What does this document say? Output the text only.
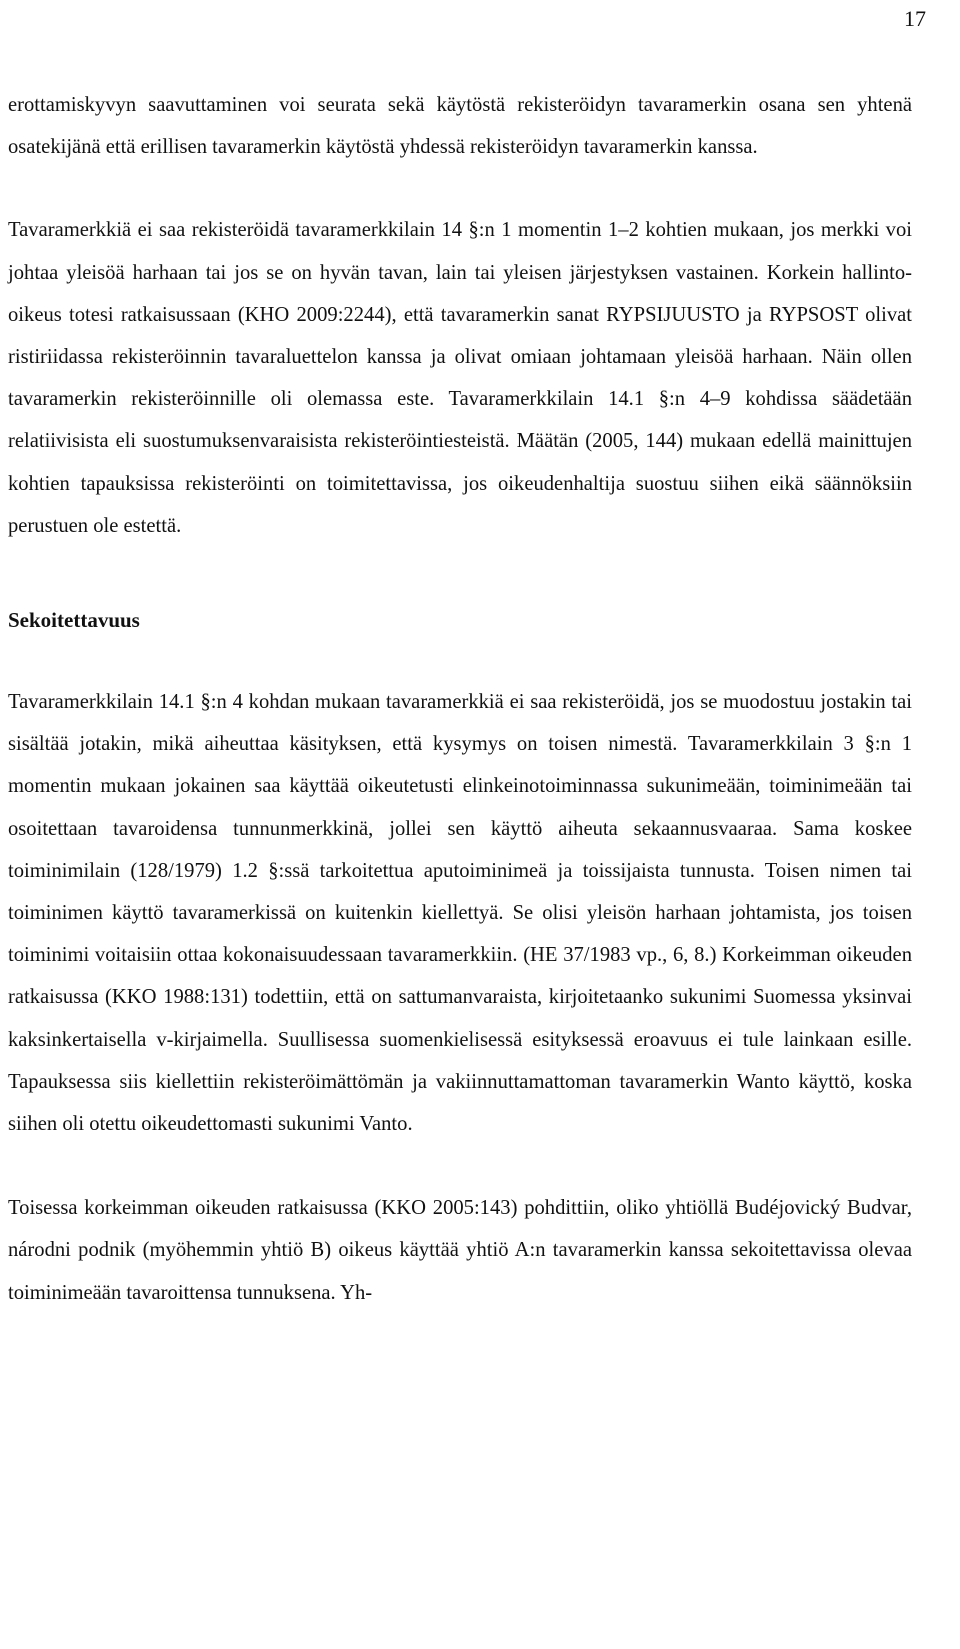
17

erottamiskyvyn saavuttaminen voi seurata sekä käytöstä rekisteröidyn tavaramerkin osana sen yhtenä osatekijänä että erillisen tavaramerkin käytöstä yhdessä rekisteröidyn tavaramerkin kanssa.

Tavaramerkkiä ei saa rekisteröidä tavaramerkkilain 14 §:n 1 momentin 1–2 kohtien mukaan, jos merkki voi johtaa yleisöä harhaan tai jos se on hyvän tavan, lain tai yleisen järjestyksen vastainen. Korkein hallinto-oikeus totesi ratkaisussaan (KHO 2009:2244), että tavaramerkin sanat RYPSIJUUSTO ja RYPSOST olivat ristiriidassa rekisteröinnin tavaraluettelon kanssa ja olivat omiaan johtamaan yleisöä harhaan. Näin ollen tavaramerkin rekisteröinnille oli olemassa este. Tavaramerkkilain 14.1 §:n 4–9 kohdissa säädetään relatiivisista eli suostumuksenvaraisista rekisteröintiesteistä. Määtän (2005, 144) mukaan edellä mainittujen kohtien tapauksissa rekisteröinti on toimitettavissa, jos oikeudenhaltija suostuu siihen eikä säännöksiin perustuen ole estettä.

Sekoitettavuus

Tavaramerkkilain 14.1 §:n 4 kohdan mukaan tavaramerkkiä ei saa rekisteröidä, jos se muodostuu jostakin tai sisältää jotakin, mikä aiheuttaa käsityksen, että kysymys on toisen nimestä. Tavaramerkkilain 3 §:n 1 momentin mukaan jokainen saa käyttää oikeutetusti elinkeinotoiminnassa sukunimeään, toiminimeään tai osoitettaan tavaroidensa tunnunmerkkinä, jollei sen käyttö aiheuta sekaannusvaaraa. Sama koskee toiminimilain (128/1979) 1.2 §:ssä tarkoitettua aputoiminimeä ja toissijaista tunnusta. Toisen nimen tai toiminimen käyttö tavaramerkissä on kuitenkin kiellettyä. Se olisi yleisön harhaan johtamista, jos toisen toiminimi voitaisiin ottaa kokonaisuudessaan tavaramerkkiin. (HE 37/1983 vp., 6, 8.) Korkeimman oikeuden ratkaisussa (KKO 1988:131) todettiin, että on sattumanvaraista, kirjoitetaanko sukunimi Suomessa yksinvai kaksinkertaisella v-kirjaimella. Suullisessa suomenkielisessä esityksessä eroavuus ei tule lainkaan esille. Tapauksessa siis kiellettiin rekisteröimättömän ja vakiinnuttamattoman tavaramerkin Wanto käyttö, koska siihen oli otettu oikeudettomasti sukunimi Vanto.

Toisessa korkeimman oikeuden ratkaisussa (KKO 2005:143) pohdittiin, oliko yhtiöllä Budéjovický Budvar, národni podnik (myöhemmin yhtiö B) oikeus käyttää yhtiö A:n tavaramerkin kanssa sekoitettavissa olevaa toiminimeään tavaroittensa tunnuksena. Yh-
